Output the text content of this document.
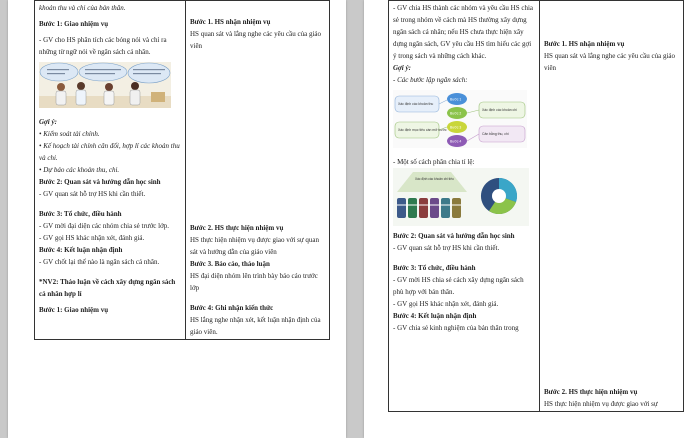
khoản thu và chi của bản thân.
Bước 1: Giao nhiệm vụ
- GV cho HS phân tích các bóng nói và chỉ ra những từ ngữ nói về ngân sách cá nhân.
Gợi ý:
• Kiểm soát tài chính.
• Kế hoạch tài chính cân đối, hợp lí các khoản thu và chi.
• Dự báo các khoản thu, chi.
Bước 2: Quan sát và hướng dẫn học sinh
- GV quan sát hỗ trợ HS khi cần thiết.
Bước 3: Tổ chức, điều hành
- GV mời đại diện các nhóm chia sẻ trước lớp.
- GV gọi HS khác nhận xét, đánh giá.
Bước 4: Kết luận nhận định
- GV chốt lại thế nào là ngân sách cá nhân.
*NV2: Thảo luận về cách xây dựng ngân sách cá nhân hợp lí
Bước 1: Giao nhiệm vụ

Bước 1. HS nhận nhiệm vụ
HS quan sát và lắng nghe các yêu cầu của giáo viên
Bước 2. HS thực hiện nhiệm vụ
HS thực hiện nhiệm vụ được giao với sự quan sát và hướng dẫn của giáo viên
Bước 3. Báo cáo, thảo luận
HS đại diện nhóm lên trình bày báo cáo trước lớp
Bước 4: Ghi nhận kiến thức
HS lắng nghe nhận xét, kết luận nhận định của giáo viên.
- GV chia HS thành các nhóm và yêu cầu HS chia sẻ trong nhóm về cách mà HS thường xây dựng ngân sách cá nhân; nếu HS chưa thực hiện xây dựng ngân sách, GV yêu cầu HS tìm hiểu các gợi ý trong sách và những cách khác.
Gợi ý:
- Các bước lập ngân sách:
Xác định các khoản thu
Xác định mục tiêu cần mở trước
Xác định các khoản chi
Cân bằng thu, chi
Bước 1
Bước 2
Bước 3
Bước 4
- Một số cách phân chia tỉ lệ:
Xác định các khoản chi tiêu
Bước 2: Quan sát và hướng dẫn học sinh
- GV quan sát hỗ trợ HS khi cần thiết.
Bước 3: Tổ chức, điều hành
- GV mời HS chia sẻ cách xây dựng ngân sách phù hợp với bản thân.
- GV gọi HS khác nhận xét, đánh giá.
Bước 4: Kết luận nhận định
- GV chia sẻ kinh nghiệm của bản thân trong

Bước 1. HS nhận nhiệm vụ
HS quan sát và lắng nghe các yêu cầu của giáo viên
Bước 2. HS thực hiện nhiệm vụ
HS thực hiện nhiệm vụ được giao với sự
